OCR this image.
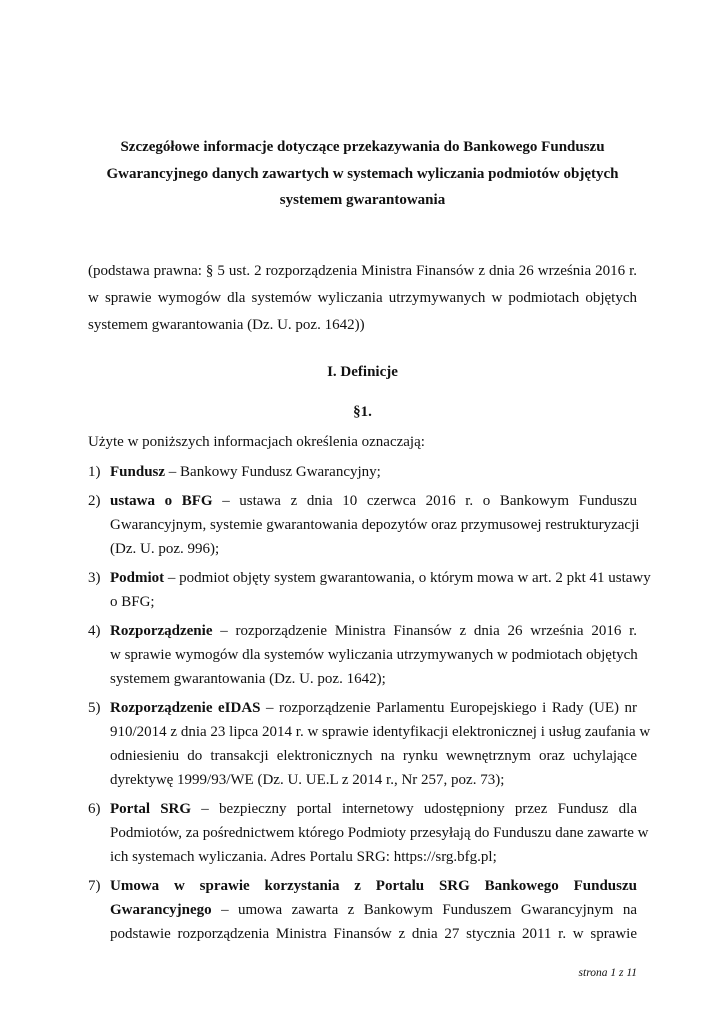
Szczegółowe informacje dotyczące przekazywania do Bankowego Funduszu
Gwarancyjnego danych zawartych w systemach wyliczania podmiotów objętych
systemem gwarantowania
(podstawa prawna: § 5 ust. 2 rozporządzenia Ministra Finansów z dnia 26 września 2016 r.
w sprawie wymogów dla systemów wyliczania utrzymywanych w podmiotach objętych
systemem gwarantowania (Dz. U. poz. 1642))
I. Definicje
§1.
Użyte w poniższych informacjach określenia oznaczają:
1) Fundusz – Bankowy Fundusz Gwarancyjny;
2) ustawa o BFG – ustawa z dnia 10 czerwca 2016 r. o Bankowym Funduszu
Gwarancyjnym, systemie gwarantowania depozytów oraz przymusowej restrukturyzacji
(Dz. U. poz. 996);
3) Podmiot – podmiot objęty system gwarantowania, o którym mowa w art. 2 pkt 41 ustawy
o BFG;
4) Rozporządzenie – rozporządzenie Ministra Finansów z dnia 26 września 2016 r.
w sprawie wymogów dla systemów wyliczania utrzymywanych w podmiotach objętych
systemem gwarantowania (Dz. U. poz. 1642);
5) Rozporządzenie eIDAS – rozporządzenie Parlamentu Europejskiego i Rady (UE) nr
910/2014 z dnia 23 lipca 2014 r. w sprawie identyfikacji elektronicznej i usług zaufania w
odniesieniu do transakcji elektronicznych na rynku wewnętrznym oraz uchylające
dyrektywę 1999/93/WE (Dz. U. UE.L z 2014 r., Nr 257, poz. 73);
6) Portal SRG – bezpieczny portal internetowy udostępniony przez Fundusz dla
Podmiotów, za pośrednictwem którego Podmioty przesyłają do Funduszu dane zawarte w
ich systemach wyliczania. Adres Portalu SRG: https://srg.bfg.pl;
7) Umowa w sprawie korzystania z Portalu SRG Bankowego Funduszu
Gwarancyjnego – umowa zawarta z Bankowym Funduszem Gwarancyjnym na
podstawie rozporządzenia Ministra Finansów z dnia 27 stycznia 2011 r. w sprawie
strona 1 z 11
